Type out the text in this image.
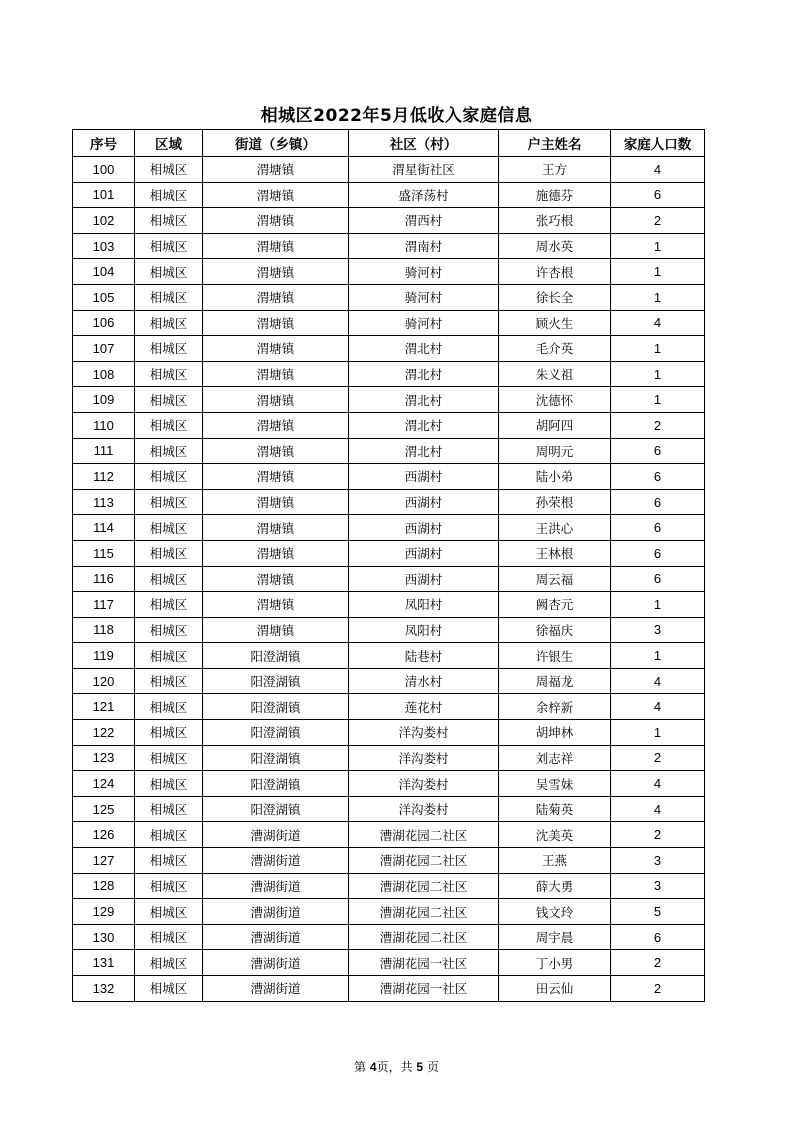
相城区2022年5月低收入家庭信息
序号	区域	街道（乡镇）	社区（村）	户主姓名	家庭人口数
100	相城区	渭塘镇	渭星街社区	王方	4
101	相城区	渭塘镇	盛泽荡村	施德芬	6
102	相城区	渭塘镇	渭西村	张巧根	2
103	相城区	渭塘镇	渭南村	周水英	1
104	相城区	渭塘镇	骑河村	许杏根	1
105	相城区	渭塘镇	骑河村	徐长全	1
106	相城区	渭塘镇	骑河村	顾火生	4
107	相城区	渭塘镇	渭北村	毛介英	1
108	相城区	渭塘镇	渭北村	朱义祖	1
109	相城区	渭塘镇	渭北村	沈德怀	1
110	相城区	渭塘镇	渭北村	胡阿四	2
111	相城区	渭塘镇	渭北村	周明元	6
112	相城区	渭塘镇	西湖村	陆小弟	6
113	相城区	渭塘镇	西湖村	孙荣根	6
114	相城区	渭塘镇	西湖村	王洪心	6
115	相城区	渭塘镇	西湖村	王林根	6
116	相城区	渭塘镇	西湖村	周云福	6
117	相城区	渭塘镇	凤阳村	阙杏元	1
118	相城区	渭塘镇	凤阳村	徐福庆	3
119	相城区	阳澄湖镇	陆巷村	许银生	1
120	相城区	阳澄湖镇	清水村	周福龙	4
121	相城区	阳澄湖镇	莲花村	余梓新	4
122	相城区	阳澄湖镇	洋沟娄村	胡坤林	1
123	相城区	阳澄湖镇	洋沟娄村	刘志祥	2
124	相城区	阳澄湖镇	洋沟娄村	吴雪妹	4
125	相城区	阳澄湖镇	洋沟娄村	陆菊英	4
126	相城区	漕湖街道	漕湖花园二社区	沈美英	2
127	相城区	漕湖街道	漕湖花园二社区	王燕	3
128	相城区	漕湖街道	漕湖花园二社区	薛大勇	3
129	相城区	漕湖街道	漕湖花园二社区	钱文玲	5
130	相城区	漕湖街道	漕湖花园二社区	周宇晨	6
131	相城区	漕湖街道	漕湖花园一社区	丁小男	2
132	相城区	漕湖街道	漕湖花园一社区	田云仙	2
第 4页，共 5 页
